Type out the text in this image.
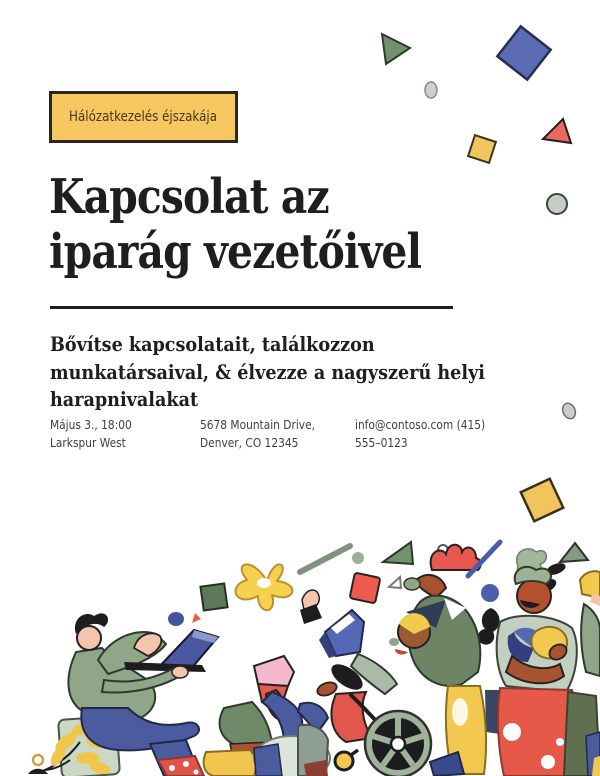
Hálózatkezelés éjszakája
Kapcsolat az
iparág vezetőivel

Bővítse kapcsolatait, találkozzon
munkatársaival, & élvezze a nagyszerű helyi
harapnivalakat

Május 3., 18:00
Larkspur West
5678 Mountain Drive,
Denver, CO 12345
info@contoso.com (415)
555–0123
